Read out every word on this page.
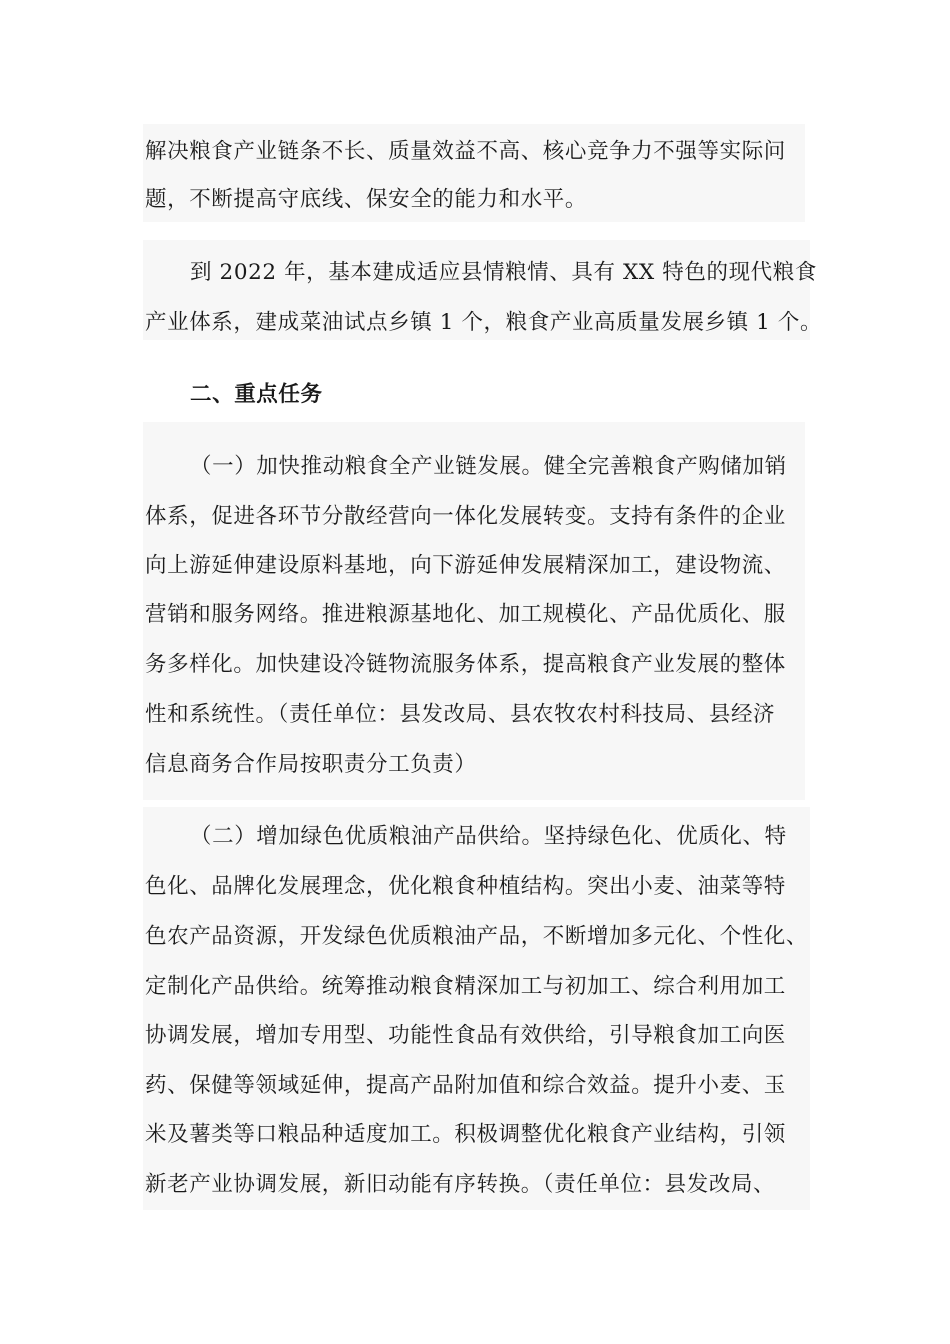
解决粮食产业链条不长、质量效益不高、核心竞争力不强等实际问
题，不断提高守底线、保安全的能力和水平。
到 2022 年，基本建成适应县情粮情、具有 XX 特色的现代粮食
产业体系，建成菜油试点乡镇 1 个，粮食产业高质量发展乡镇 1 个。
二、重点任务
（一）加快推动粮食全产业链发展。健全完善粮食产购储加销
体系，促进各环节分散经营向一体化发展转变。支持有条件的企业
向上游延伸建设原料基地，向下游延伸发展精深加工，建设物流、
营销和服务网络。推进粮源基地化、加工规模化、产品优质化、服
务多样化。加快建设冷链物流服务体系，提高粮食产业发展的整体
性和系统性。（责任单位：县发改局、县农牧农村科技局、县经济
信息商务合作局按职责分工负责）
（二）增加绿色优质粮油产品供给。坚持绿色化、优质化、特
色化、品牌化发展理念，优化粮食种植结构。突出小麦、油菜等特
色农产品资源，开发绿色优质粮油产品，不断增加多元化、个性化、
定制化产品供给。统筹推动粮食精深加工与初加工、综合利用加工
协调发展，增加专用型、功能性食品有效供给，引导粮食加工向医
药、保健等领域延伸，提高产品附加值和综合效益。提升小麦、玉
米及薯类等口粮品种适度加工。积极调整优化粮食产业结构，引领
新老产业协调发展，新旧动能有序转换。（责任单位：县发改局、
